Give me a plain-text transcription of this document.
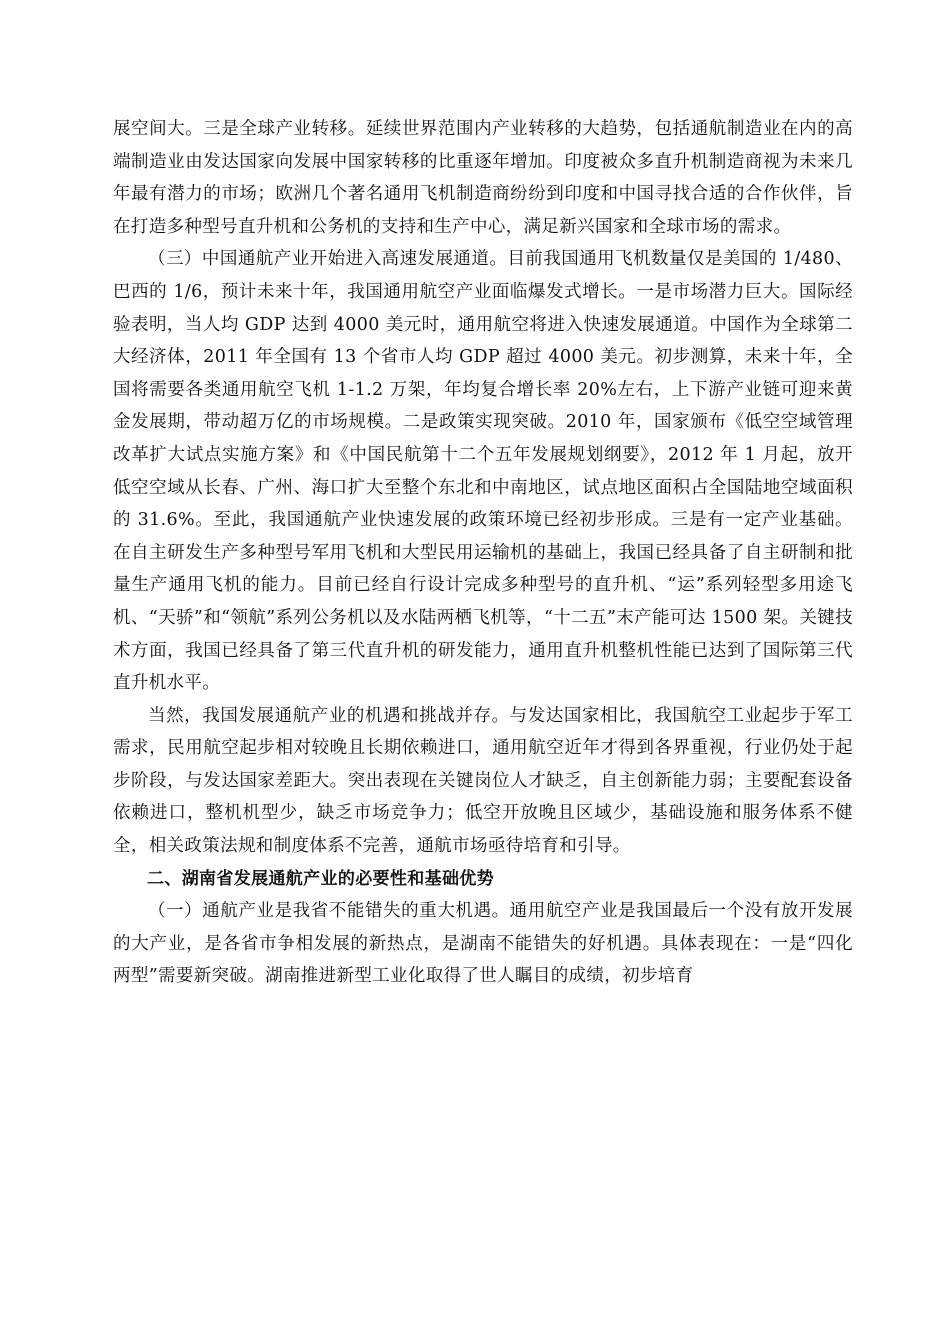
展空间大。三是全球产业转移。延续世界范围内产业转移的大趋势，包括通航制造业在内的高端制造业由发达国家向发展中国家转移的比重逐年增加。印度被众多直升机制造商视为未来几年最有潜力的市场；欧洲几个著名通用飞机制造商纷纷到印度和中国寻找合适的合作伙伴，旨在打造多种型号直升机和公务机的支持和生产中心，满足新兴国家和全球市场的需求。

（三）中国通航产业开始进入高速发展通道。目前我国通用飞机数量仅是美国的 1/480、巴西的 1/6，预计未来十年，我国通用航空产业面临爆发式增长。一是市场潜力巨大。国际经验表明，当人均 GDP 达到 4000 美元时，通用航空将进入快速发展通道。中国作为全球第二大经济体，2011 年全国有 13 个省市人均 GDP 超过 4000 美元。初步测算，未来十年，全国将需要各类通用航空飞机 1-1.2 万架，年均复合增长率 20%左右，上下游产业链可迎来黄金发展期，带动超万亿的市场规模。二是政策实现突破。2010 年，国家颁布《低空空域管理改革扩大试点实施方案》和《中国民航第十二个五年发展规划纲要》，2012 年 1 月起，放开低空空域从长春、广州、海口扩大至整个东北和中南地区，试点地区面积占全国陆地空域面积的 31.6%。至此，我国通航产业快速发展的政策环境已经初步形成。三是有一定产业基础。在自主研发生产多种型号军用飞机和大型民用运输机的基础上，我国已经具备了自主研制和批量生产通用飞机的能力。目前已经自行设计完成多种型号的直升机、“运”系列轻型多用途飞机、“天骄”和“领航”系列公务机以及水陆两栖飞机等，“十二五”末产能可达 1500 架。关键技术方面，我国已经具备了第三代直升机的研发能力，通用直升机整机性能已达到了国际第三代直升机水平。

当然，我国发展通航产业的机遇和挑战并存。与发达国家相比，我国航空工业起步于军工需求，民用航空起步相对较晚且长期依赖进口，通用航空近年才得到各界重视，行业仍处于起步阶段，与发达国家差距大。突出表现在关键岗位人才缺乏，自主创新能力弱；主要配套设备依赖进口，整机机型少，缺乏市场竞争力；低空开放晚且区域少，基础设施和服务体系不健全，相关政策法规和制度体系不完善，通航市场亟待培育和引导。

二、湖南省发展通航产业的必要性和基础优势

（一）通航产业是我省不能错失的重大机遇。通用航空产业是我国最后一个没有放开发展的大产业，是各省市争相发展的新热点，是湖南不能错失的好机遇。具体表现在：一是“四化两型”需要新突破。湖南推进新型工业化取得了世人瞩目的成绩，初步培育
